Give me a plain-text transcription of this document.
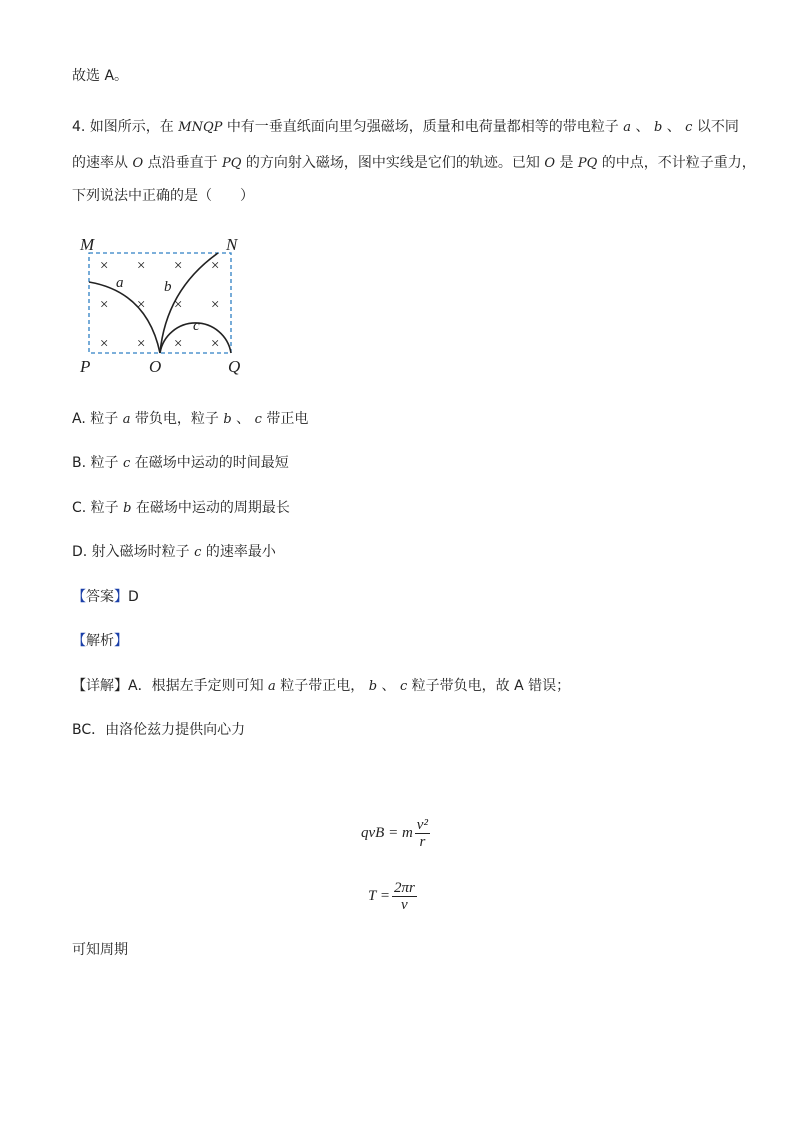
故选 A。
4. 如图所示，在 MNQP 中有一垂直纸面向里匀强磁场，质量和电荷量都相等的带电粒子 a 、 b 、 c 以不同
的速率从 O 点沿垂直于 PQ 的方向射入磁场，图中实线是它们的轨迹。已知 O 是 PQ 的中点，不计粒子重力，
下列说法中正确的是（　　）
× × × ×
× × × ×
× × × ×
M	N
P	O	Q
a	b
c
A. 粒子 a 带负电，粒子 b 、 c 带正电
B. 粒子 c 在磁场中运动的时间最短
C. 粒子 b 在磁场中运动的周期最长
D. 射入磁场时粒子 c 的速率最小
【答案】D
【解析】
【详解】A．根据左手定则可知 a 粒子带正电， b 、 c 粒子带负电，故 A 错误；
BC．由洛伦兹力提供向心力
qvB = m $\frac{\text{v²}}{r}$
$T = \frac{2\pi r}{v}$
可知周期
